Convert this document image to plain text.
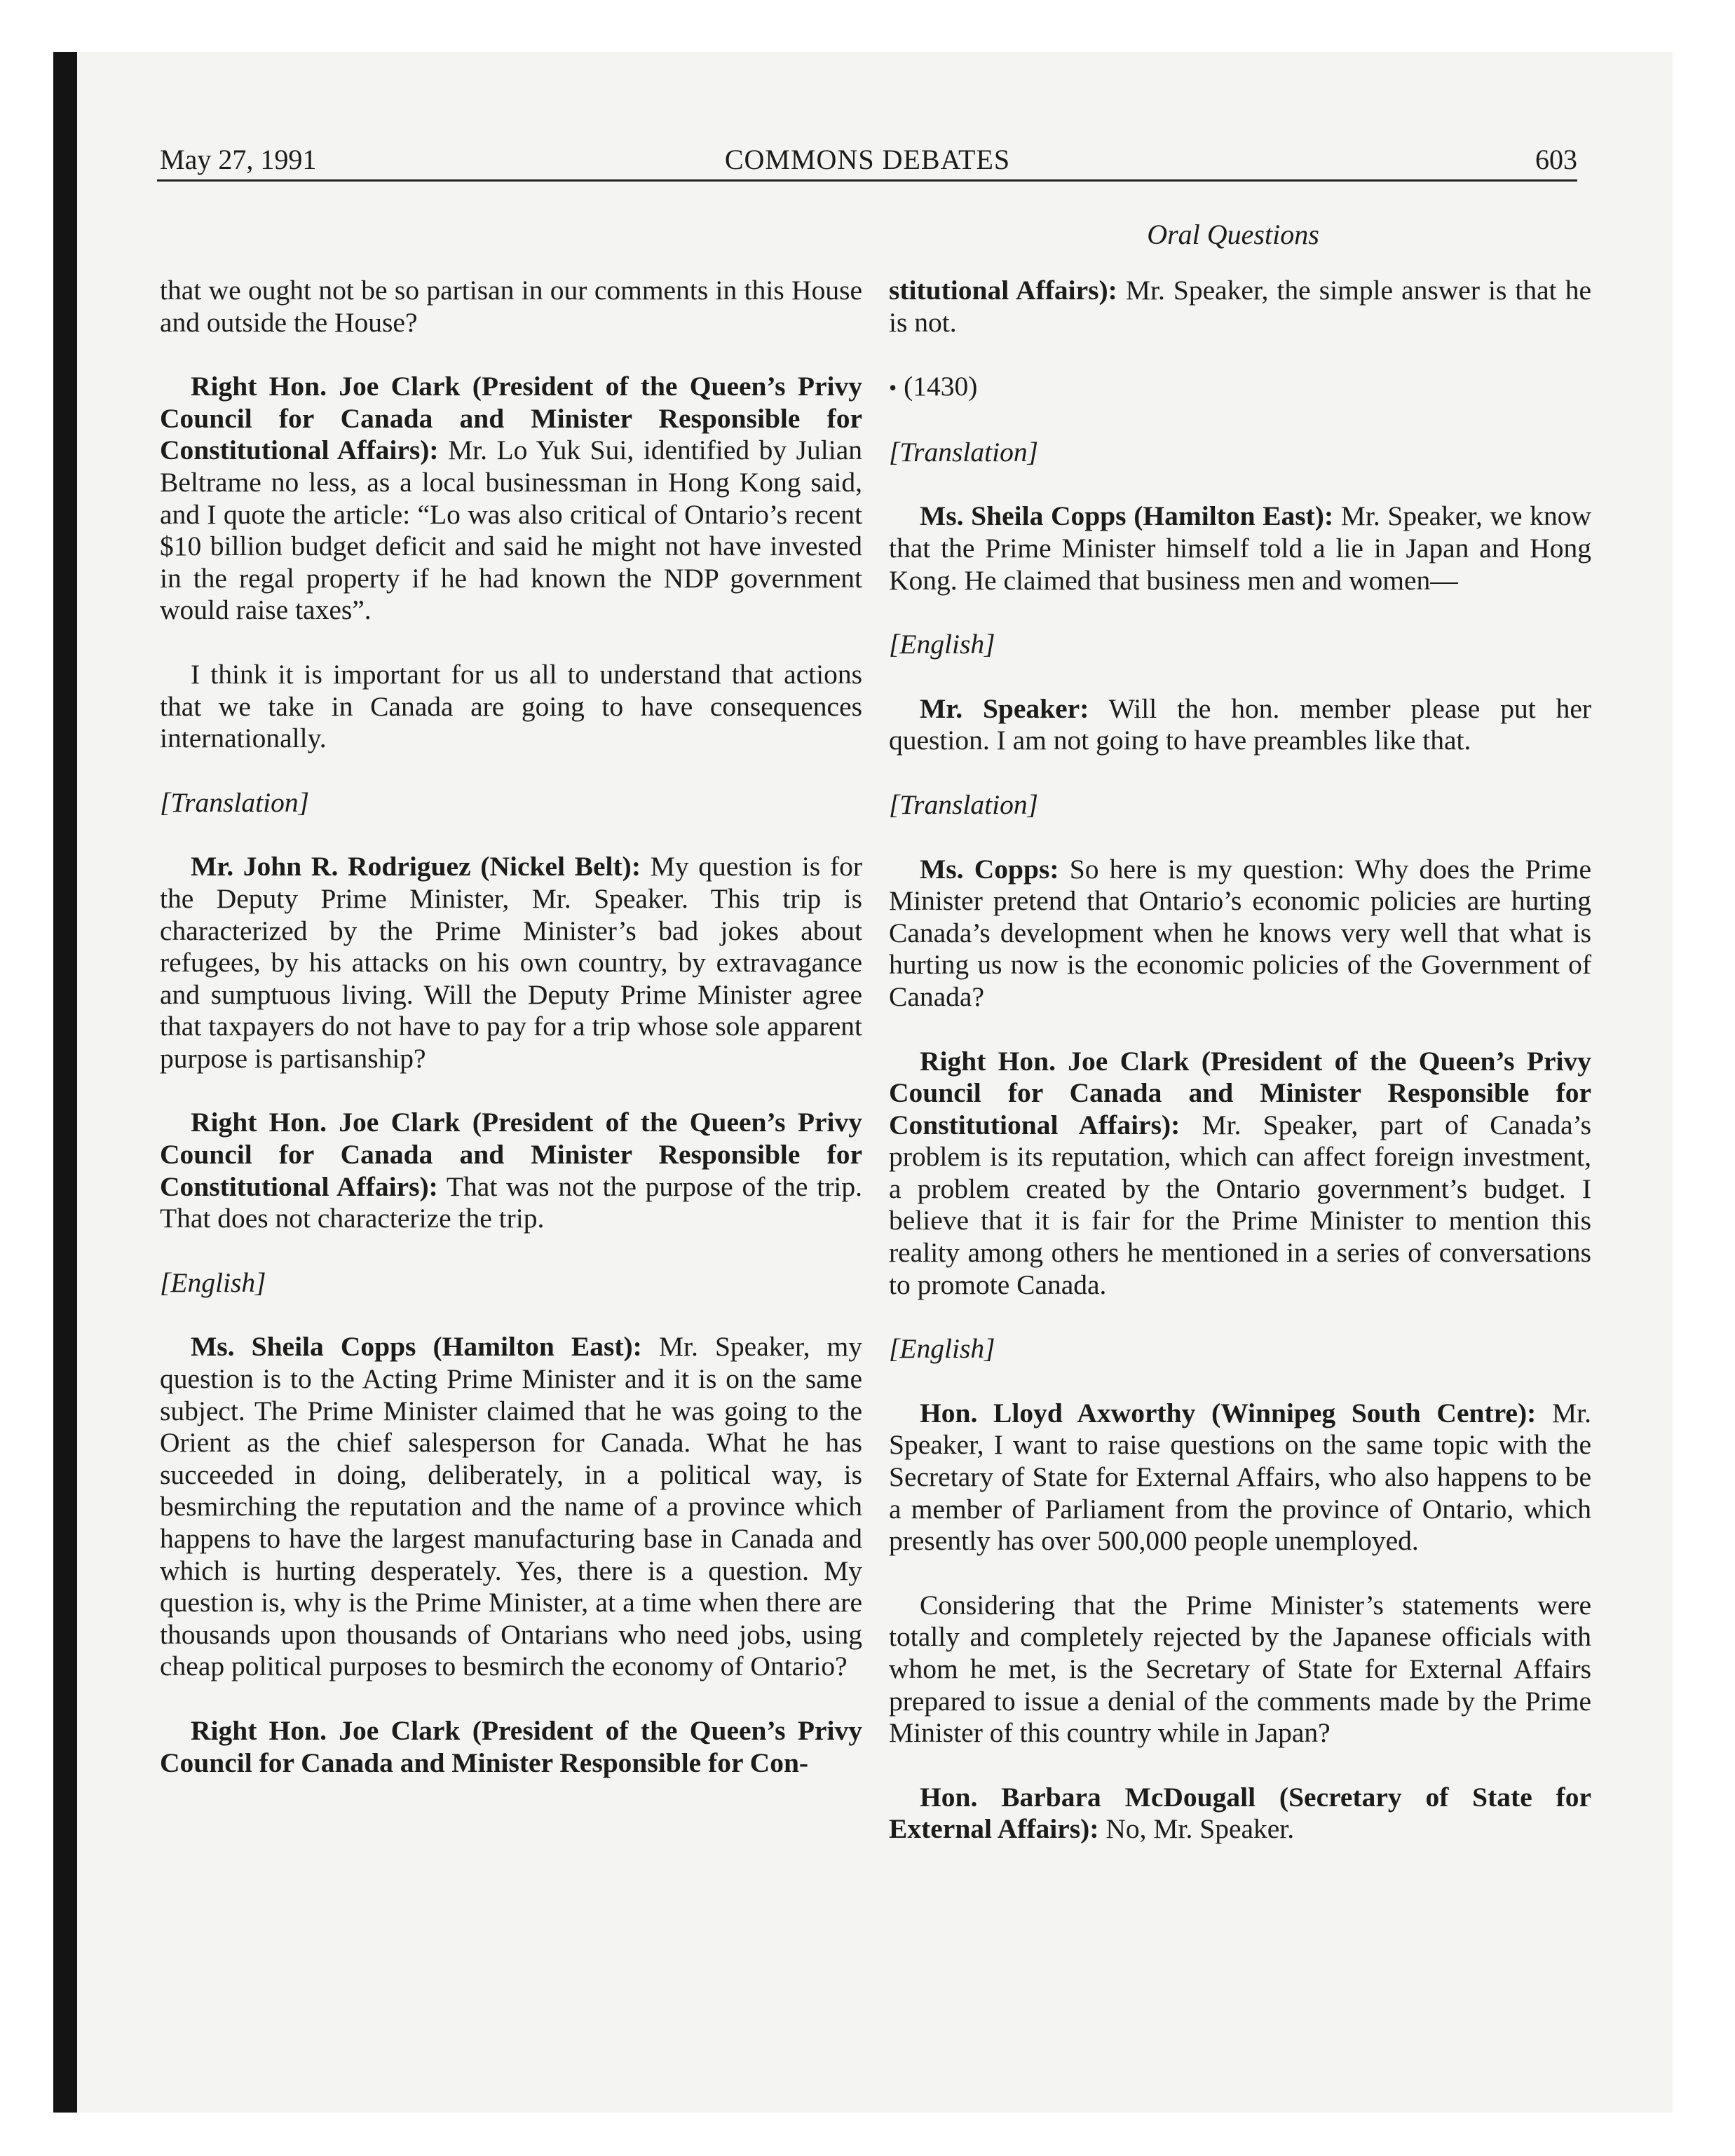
May 27, 1991	COMMONS DEBATES	603
Oral Questions

that we ought not be so partisan in our comments in this House and outside the House?

Right Hon. Joe Clark (President of the Queen’s Privy Council for Canada and Minister Responsible for Constitutional Affairs): Mr. Lo Yuk Sui, identified by Julian Beltrame no less, as a local businessman in Hong Kong said, and I quote the article: “Lo was also critical of Ontario’s recent $10 billion budget deficit and said he might not have invested in the regal property if he had known the NDP government would raise taxes”.

I think it is important for us all to understand that actions that we take in Canada are going to have consequences internationally.

[Translation]

Mr. John R. Rodriguez (Nickel Belt): My question is for the Deputy Prime Minister, Mr. Speaker. This trip is characterized by the Prime Minister’s bad jokes about refugees, by his attacks on his own country, by extravagance and sumptuous living. Will the Deputy Prime Minister agree that taxpayers do not have to pay for a trip whose sole apparent purpose is partisanship?

Right Hon. Joe Clark (President of the Queen’s Privy Council for Canada and Minister Responsible for Constitutional Affairs): That was not the purpose of the trip. That does not characterize the trip.

[English]

Ms. Sheila Copps (Hamilton East): Mr. Speaker, my question is to the Acting Prime Minister and it is on the same subject. The Prime Minister claimed that he was going to the Orient as the chief salesperson for Canada. What he has succeeded in doing, deliberately, in a political way, is besmirching the reputation and the name of a province which happens to have the largest manufacturing base in Canada and which is hurting desperately. Yes, there is a question. My question is, why is the Prime Minister, at a time when there are thousands upon thousands of Ontarians who need jobs, using cheap political purposes to besmirch the economy of Ontario?

Right Hon. Joe Clark (President of the Queen’s Privy Council for Canada and Minister Responsible for Con-

stitutional Affairs): Mr. Speaker, the simple answer is that he is not.

• (1430)

[Translation]

Ms. Sheila Copps (Hamilton East): Mr. Speaker, we know that the Prime Minister himself told a lie in Japan and Hong Kong. He claimed that business men and women—

[English]

Mr. Speaker: Will the hon. member please put her question. I am not going to have preambles like that.

[Translation]

Ms. Copps: So here is my question: Why does the Prime Minister pretend that Ontario’s economic policies are hurting Canada’s development when he knows very well that what is hurting us now is the economic policies of the Government of Canada?

Right Hon. Joe Clark (President of the Queen’s Privy Council for Canada and Minister Responsible for Constitutional Affairs): Mr. Speaker, part of Canada’s problem is its reputation, which can affect foreign investment, a problem created by the Ontario government’s budget. I believe that it is fair for the Prime Minister to mention this reality among others he mentioned in a series of conversations to promote Canada.

[English]

Hon. Lloyd Axworthy (Winnipeg South Centre): Mr. Speaker, I want to raise questions on the same topic with the Secretary of State for External Affairs, who also happens to be a member of Parliament from the province of Ontario, which presently has over 500,000 people unemployed.

Considering that the Prime Minister’s statements were totally and completely rejected by the Japanese officials with whom he met, is the Secretary of State for External Affairs prepared to issue a denial of the comments made by the Prime Minister of this country while in Japan?

Hon. Barbara McDougall (Secretary of State for External Affairs): No, Mr. Speaker.
